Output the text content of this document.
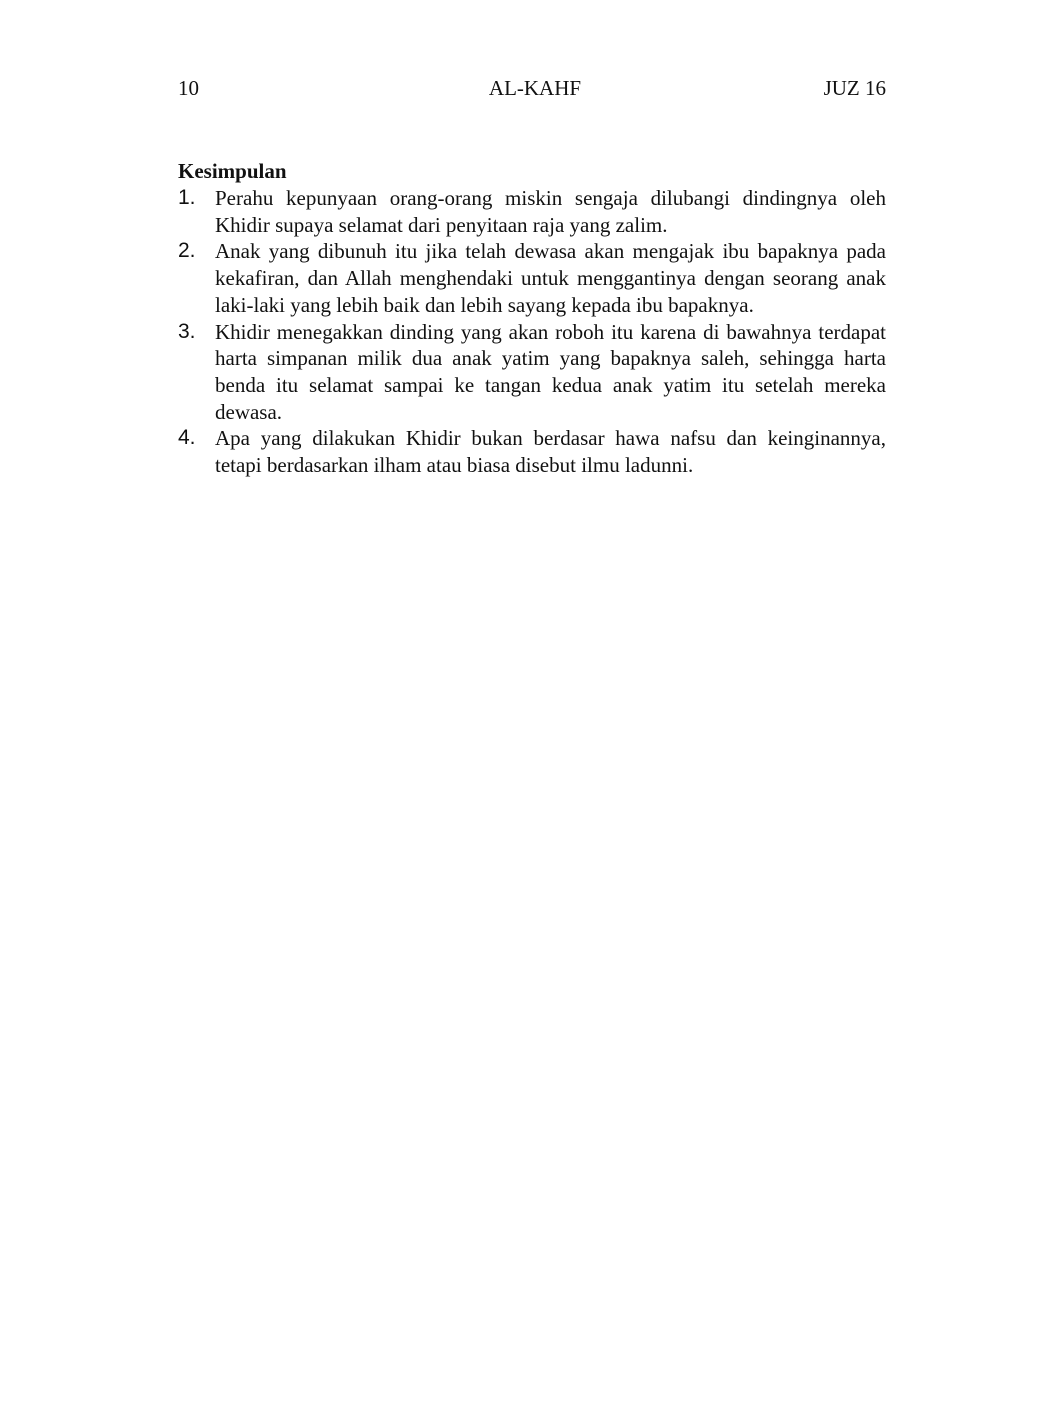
10	AL-KAHF	JUZ 16
Kesimpulan
1. Perahu kepunyaan orang-orang miskin sengaja dilubangi dindingnya oleh Khidir supaya selamat dari penyitaan raja yang zalim.
2. Anak yang dibunuh itu jika telah dewasa akan mengajak ibu bapaknya pada kekafiran, dan Allah menghendaki untuk menggantinya dengan seorang anak laki-laki yang lebih baik dan lebih sayang kepada ibu bapaknya.
3. Khidir menegakkan dinding yang akan roboh itu karena di bawahnya terdapat harta simpanan milik dua anak yatim yang bapaknya saleh, sehingga harta benda itu selamat sampai ke tangan kedua anak yatim itu setelah mereka dewasa.
4. Apa yang dilakukan Khidir bukan berdasar hawa nafsu dan keinginannya, tetapi berdasarkan ilham atau biasa disebut ilmu ladunni.
